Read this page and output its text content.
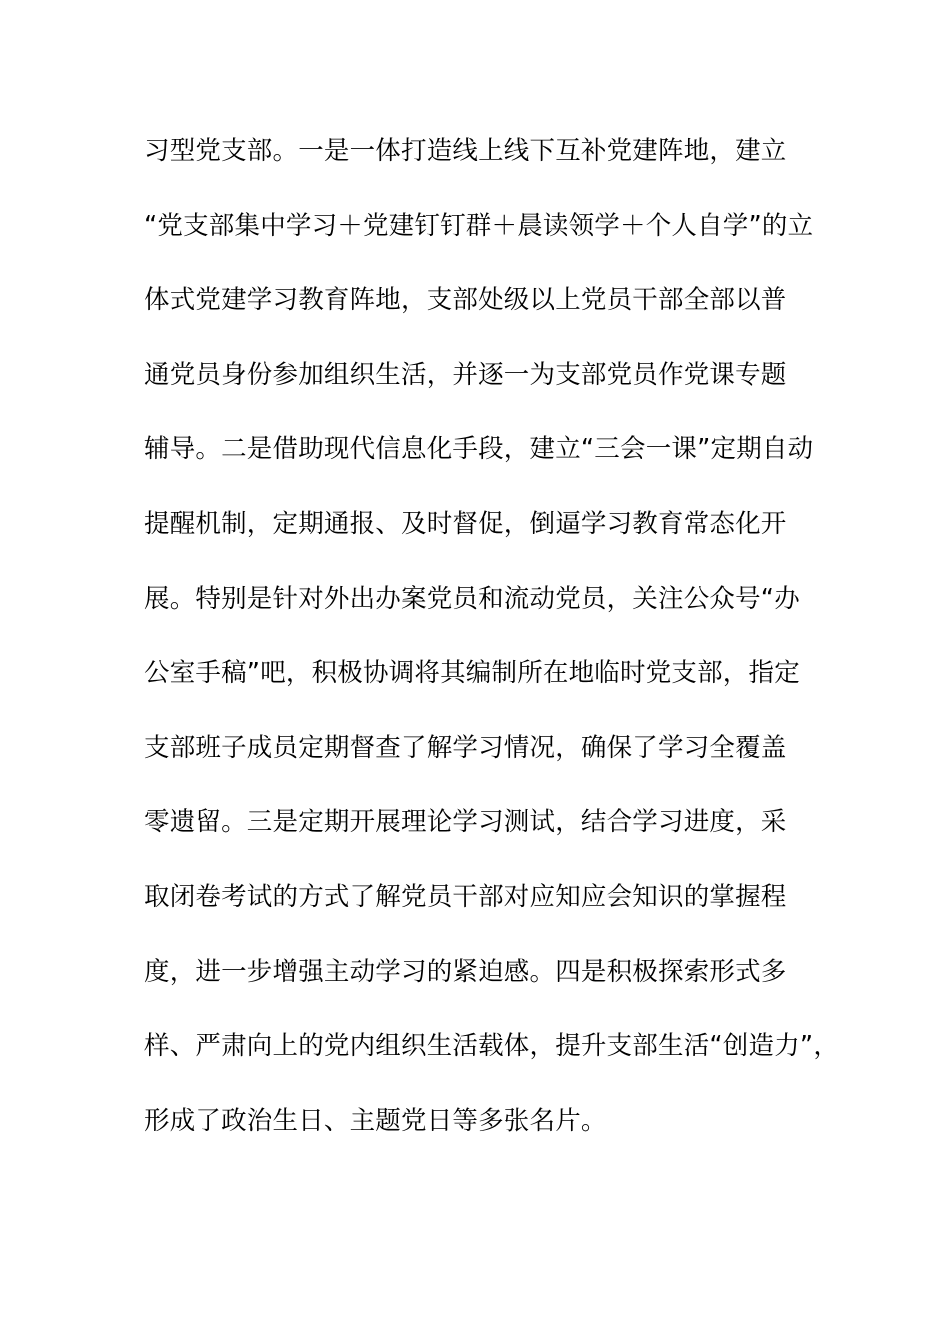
习型党支部。一是一体打造线上线下互补党建阵地，建立
“党支部集中学习＋党建钉钉群＋晨读领学＋个人自学”的立
体式党建学习教育阵地，支部处级以上党员干部全部以普
通党员身份参加组织生活，并逐一为支部党员作党课专题
辅导。二是借助现代信息化手段，建立“三会一课”定期自动
提醒机制，定期通报、及时督促，倒逼学习教育常态化开
展。特别是针对外出办案党员和流动党员，关注公众号“办
公室手稿”吧，积极协调将其编制所在地临时党支部，指定
支部班子成员定期督查了解学习情况，确保了学习全覆盖
零遗留。三是定期开展理论学习测试，结合学习进度，采
取闭卷考试的方式了解党员干部对应知应会知识的掌握程
度，进一步增强主动学习的紧迫感。四是积极探索形式多
样、严肃向上的党内组织生活载体，提升支部生活“创造力”，
形成了政治生日、主题党日等多张名片。
